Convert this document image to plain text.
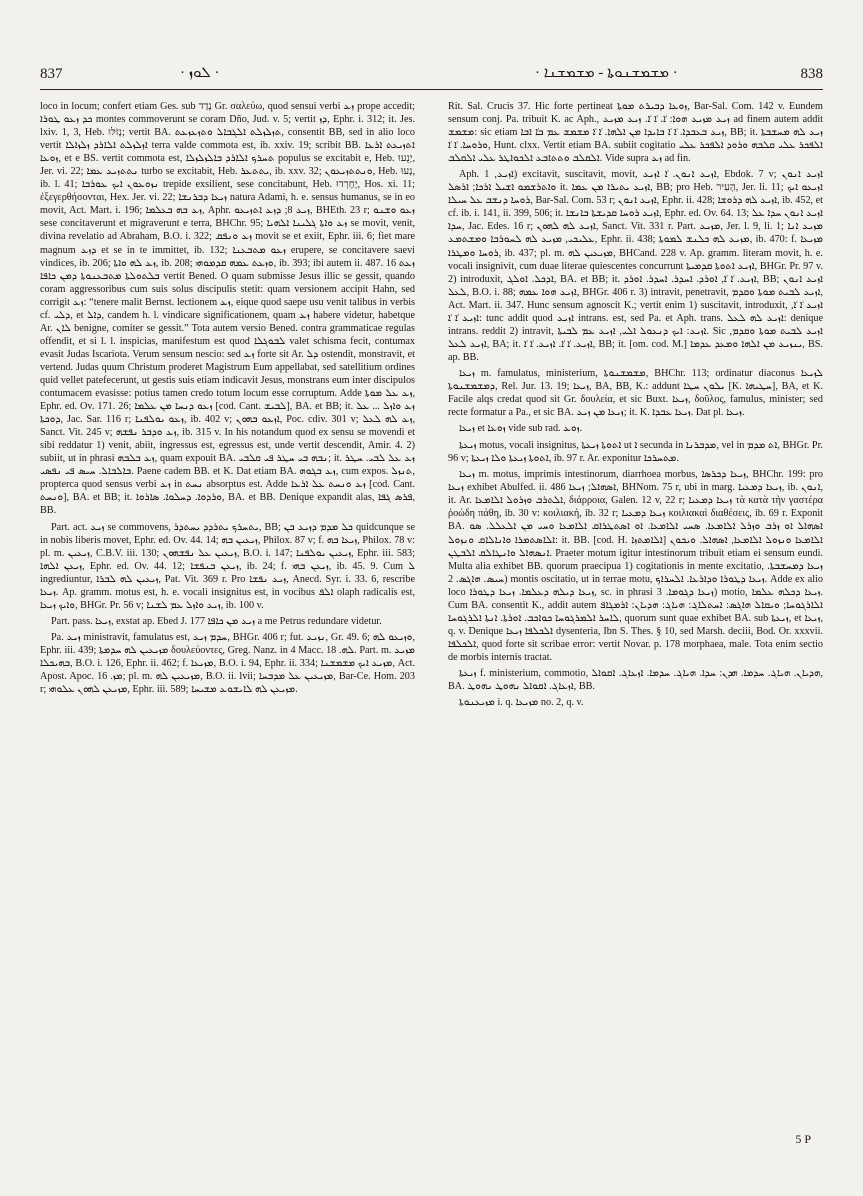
837	· ܠܘܙ ·	· ܡܫܡܫܢܘܬܐ - ܡܫܡܫܢܐ ·	838

loco in locum; confert etiam Ges. sub נָדַד Gr. σαλεύω, quod sensui verbi ܙܥ prope accedit; ܟܕ ܙܥܘ ܛܘܪܐ montes commoverunt se coram Dño, Jud. v. 5; vertit ܕܙ, Ephr. i. 312; it. Jes. lxiv. 1, 3, Heb. נָזֹלּוּ; vertit BA. ܬܙܠܙܠܬ ܐܠܓܒܐܠ ܘܬܙܥܙܥܬ, consentit BB, sed in alio loco vertit ܐܙܠܙܠܬ ܐܠܐܪܕ ܙܠܙܐܠܐ terra valde commota est, ib. xxiv. 19; scribit BB. ܐܬܙܝܥܬ ܐܪܥܐ ܙܘܥܐ, et e BS. vertit commota est, ܬܚܪܟ ܐܠܐܪܕ ܒܐܠܙܠܙܠܐ populus se excitabit e, Heb. יָנֻעוּ, Jer. vi. 22; ܢܬܬܙܝܥ ܥܡܐ turbo se excitabit, Heb. ܝܬܬܥܪ, ib. xxv. 32; ܘܢܬܬܙܝܥܘܢ, Heb. נָעוּ, ib. l. 41; ܢܙܘܥܘܢ ܐܝܟ ܥܘܪܒܐ trepide exsilient, sese concitabunt, Heb. יֶחֶרְדוּ, Hos. xi. 11; ἐξεγερθήσονται, Hex. Jer. vi. 22; ܙܝܥܐ ܕܒܪܢܫܐ natura Adami, h. e. sensus humanus, se in eo movit, Act. Mart. i. 196; ܙܥ ܒܗ ܒܥܠܡܐ, Aphr. ܙܝܥ 8; ܕܙܥ ܐܬܙܝܥܘ, BHEth. 23 r; ܙܥܘ ܘܫܢܘ sese concitaverunt et migraverunt e terra, BHChr. 95; ܙܥ ܘܐܬܐ ܓܠܝܢܐ ܐܠܗܝܐ se movit, venit, divina revelatio ad Abraham, B.O. i. 322; ܙܥ ܘܢܦܩ movit se et exiit, Ephr. iii. 6; fiet mare magnum ܕܙܥ et se in te immittet, ib. 132; ܙܥܘ ܡܬܒܥܢܐ erupere, se concitavere saevi vindices, ib. 206; ܙܥ ܠܗ ܘܐܬܐ, ib. 208; ܘܙܥܬ ܥܡܗ ܩܕܡܘܗܝ, ib. 393; ibi autem ii. 487. 16 ܙܥܬ ܒܠܬܘܠܬܐ ܡܬܒܥܢܘܬܐ ܕܡܢ ܟܐܦܐ vertit Bened. O quam submisse Jesus illic se gessit, quando coram aggressoribus cum suis solus discipulis stetit: quam versionem accipit Hahn, sed corrigit ܙܥ: “tenere malit Bernst. lectionem ܙܥ, eique quod saepe usu venit talibus in verbis cf. ܕܠܝ, et ܕܐܠ, candem h. l. vindicare significationem, quam ܙܥ habere videtur, habetque Ar. ܠܐܢ benigne, comiter se gessit.” Tota autem versio Bened. contra grammaticae regulas offendit, et si l. l. inspicias, manifestum est quod ܠܒܘܓܠܐ valet schisma fecit, contumax evasit Judas Iscariota. Verum sensum nescio: sed ܙܥ forte sit Ar. ܕܠ ostendit, monstravit, et vertend. Judas quum Christum proderet Magistrum Eum appellabat, sed satellitium ordines quid vellet patefecerunt, ut gestis suis etiam indicavit Jesus, monstrans eum inter discipulos contumacem evasisse: potius tamen credo totum locum esse corruptum. Adde ܙܥ ܥܠ ܡܘܬܐ, Ephr. ed. Ov. 171. 26; ܙܥܘ ܕܢܚܐ ܡܢ ܥܠܡܐ [cod. Cant. ܠܒܝܫ], BA. et BB; it. ܙܥ ܘܐܙܠ ... ܥܠ ܕܘܟܬܐ, Jac. Sar. 116 r; ܙܥܘ ܝܘܠܦܢܐ, ib. 402 v; ܐܙܥܘ ܒܗܘܢ, Poc. cdiv. 301 v; ܙܥ ܠܗ ܠܥܠ, Sanct. Vit. 245 v; ܙܥ ܘܕܒܪ ܢܦܫܗ, ib. 315 v. In his notandum quod ex sensu se movendi et sibi reddatur 1) venit, abiit, ingressus est, egressus est, unde vertit descendit, Amir. 4. 2) subiit, ut in phrasi ܙܥ ܒܠܒܗ, quam expouit BA. ܢܒܗ ܒܝ ܚܛܪ ܦܝ ܩܠܒܝ; it. ܙܥ ܥܠ ܠܒܝ. ܚܛܪ ܒܐܠܒܐܠ. ܚܝܣ ܦܝ ܢܦܣܝ. Paene cadem BB. et K. Dat etiam BA. ܙܥ ܒܓܘܗ, cum expos. ܬܢܙܠ, propterca quod sensus verbi ܙܥ in ܢܚܬ absorptus est. Adde ܙܥ ܘܢܚܬ ܥܠ ܐܪܥܐ [cod. Cant. ܘܢܚܬ], BA. et BB; it. ܘܪܕܘܐ. ܕܚܠܘܐ. ܣܐܪܘܐ, BA. et BB. Denique expandit alas, ܦܪܣ ܓܦܐ, BB.

Part. act. ܙܝܥ se commovens, ܝܬܚܪܟ ܝܬܪܕܕ ܝܚܬܕܪ, BB; ܟܠ ܡܕܡ ܕܙܝܥ ܒܢ quidcunque se in nobis liberis movet, Ephr. ed. Ov. 44. 14; ܙܝܥܝܢ ܒܗ, Philox. 87 v; f. ܙܝܥܐ ܒܗ, Philox. 78 v: pl. m. ܙܝܥܝܢ, C.B.V. iii. 130; ܙܝܥܝܢ ܥܠ ܢܦܫܗܘܢ, B.O. i. 147; ܙܝܥܝܢ ܝܘܠܦܢܐ, Ephr. iii. 583; ܙܝܥܢ ܐܠܗܐ, Ephr. ed. Ov. 44. 12; ܙܝܥܢ ܒܢܦܫܐ, ib. 24; f. ܙܝܥܢ ܒܗܝ, ib. 45. 9. Cum ܠ ingrediuntur, ܙܝܥܝܢ ܠܗ ܠܒܪܐ, Pat. Vit. 369 r. Pro ܙܝܥ ܢܦܫܐ, Anecd. Syr. i. 33. 6, rescribe ܙܝܥܐ. Ap. gramm. motus est, h. e. vocali insignitus est, in vocibus ܐܠܦ olaph radicalis est, ܘܐܝܟ ܙܝܥܐ, BHGr. Pr. 56 v; ܙܝܥ ܘܐܙܠ ܥܡ ܠܫܢܐ, ib. 100 v.

Part. pass. ܙܝܥܐ, exstat ap. Ebed J. 177 ܙܝܥ ܡܢ ܟܐܦܐ a me Petrus redundare videtur.

Pa. ܙܝܥ ministravit, famulatus est, ܚܕܡ ܙܝܥ, BHGr. 406 r; fut. ܢܙܝܥ, Gr. 49. 6; ܘܙܝܥܘ ܠܗ, Ephr. iii. 439; ܡܙܝܥܝܢ ܠܗ ܚܕܡܬܐ δουλεύοντες, Greg. Nanz. in 4 Macc. ܠܗ. 18. Part. m. ܡܙܝܥ ܒܗܝܟܠܐ, B.O. i. 126, Ephr. ii. 462; f. ܡܙܝܥܐ, B.O. i. 94, Ephr. ii. 334; ܡܙܝܥ ܐܝܟ ܡܫܡܫܢܐ, Act. Apost. Apoc. ܡܙ. 16; pl. m. ܡܙܝܥܝܢ ܠܗ, B.O. ii. lvii; ܡܙܝܥܝܢ ܥܠ ܡܕܒܚܐ, Bar-Ce. Hom. 203 r; ܡܙܝܥܢ ܠܗܘܢ ܥܠܘܗܝ, Ephr. iii. 589; ܡܙܝܥܢ ܠܗ ܠܐܝܫܘܥ ܡܫܝܚܐ.

Rit. Sal. Crucis 37. Hic forte pertineat ܙܘܥܐ ܕܒܝܪܬ ܡܘܬܐ, Bar-Sal. Com. 142 v. Eundem sensum conj. Pa. tribuit K. ac Aph., ܙܝܥ ܡܙܝܥ ܗܘܐ: ܐ݁. ܐ݁ ܐ݁. ܙܝܥ ܡܙܝܥ ad finem autem addit ܡܫܡܫ: sic etiam ܙܝܥ ܒܥܒܕܐ. ܐ݁ ܐ݁ ܒܐܝܕܐ ܡܢ ܐܠܗܐ. ܐ݁ ܐ݁ ܡܫܡܫ ܥܡ ܒܐ݁ ܐܒܐ, BB; it. ܙܝܥ ܠܗ ܡܚܫܒܬܐ ܘܪܘܚܐ. ܐ݁ ܐ݁, Hunt. clxx. Vertit etiam BA. subiit cogitatio ܐܠܦܟܪ ܥܠܝ ܩܠܒܗ ܘܪܘܕ ܐܠܦܟܪ ܥܠܝ ܐܠܩܠܒ ܘܬܬܐܒܥ ܐܠܟܘܐܛܪ ܥܠܝ ܐܠܩܠܒ. Vide supra ܙܥ ad fin.

Aph. ܐܙܝܥ, 1) excitavit, suscitavit, movit, ܐܙܝܥ ܐܢܘܢ. ܐ݁ ܐܙܝܥ, Ebdok. 7 v; ܐܙܝܥ ܐܢܘܢ ܘܐܬܪܫܡܘ ܐܫܝܠ ܐܪܟܐ; ܐܪܣܠ it. ܐܙܝܥ ܝܬܝܪܐ ܡܢ ܥܡܐ, BB; pro Heb. הָעִיר, Jer. li. 11; ܐܙܝܥܘ ܐܝܟ ܪܘܚܐ ܕܢܫܒ ܥܠ ܚܝܠܐ, Bar-Sal. Com. 53 r; ܐܙܝܥ ܐܢܘܢ, Ephr. ii. 428; ܐܙܝܥ ܠܗ ܕܪܘܫܐ, ib. 452, et cf. ib. i. 141, ii. 399, 506; it. ܐܙܝܥ ܪܘܚܐ ܩܕܝܫܬܐ ܒܐܢܫܐ, Ephr. ed. Ov. 64. 13; ܐܙܝܥ ܐܢܘܢ ܚܕܐ ܥܠ ܚܕܐ, Jac. Edes. 16 r; ܐܙܝܥ ܠܗ ܠܗܘܢ, Sanct. Vit. 331 r. Part. ܡܙܝܥ, Jer. l. 9, li. 1; ܡܙܝܥ ܐܢܐ ܥܠܝܟܝ, ܡܙܝܥ ܠܗ ܠܚܘܪܒܐ ܘܡܫܬܡܥ, Ephr. ii. 438; ܡܙܝܥ ܠܗ ܟܠܢܫ ܠܡܘܬܐ, ib. 470: f. ܡܙܝܥܐ ܪܘܚܐ ܘܡܛܪܐ, ib. 437; pl. m. ܡܙܝܥܝܢ ܠܗ, BHCand. 228 v. Ap. gramm. literam movit, h. e. vocali insignivit, cum duae literae quiescentes concurrunt ܐܙܝܥ ܐܬܘܬܐ ܩܕܡܝܬܐ, BHGr. Pr. 97 v. 2) introduxit, ܐܕܟܠ. ܐܘܠܓ, BA. et BB; it. ܐܙܝܥ. ܐ݁ ܐ݁, ܐܘܪܕ. ܐܚܕܪ. ܐܚܕܪ. ܐܘܪܕ, BB; ܐܙܝܥ ܐܢܘܢ ܠܥܠ, B.O. i. 88; ܐܙܝܥ ܗܘܐ ܥܡܗ, BHGr. 406 r. 3) intravit, penetravit, ܐܙܝܥ ܠܒܝܬ ܡܘܬܐ ܘܩܕܡ, Act. Mart. ii. 347. Hunc sensum agnoscit K.; vertit enim 1) suscitavit, introduxit, ܐܙܝܥ ܐ݁ ܐ݁, ܐܙܝܥ ܐ݁ ܐ݁: tunc addit quod ܐܙܝܥ intrans. est, sed Pa. et Aph. trans. ܐܙܝܥ ܠܗ ܠܥܠ: denique intrans. reddit 2) intravit, ܐܙܝܥ: ܐܝܟ ܕܢܥܘܠ ܐܠܝ, ܐܙܝܥ ܥܡ ܠܒܝܬܐ. Sic ܐܙܝܥ ܠܒܝܬ ܡܘܬܐ ܘܩܕܡ, ܐܙܝܥ ܠܥܠ, BA; it. ܐܙܝܥ. ܐ݁ ܐ݁. ܐܙܝܥ. ܐ݁ ܐ݁, BB; it. [om. cod. M.] ܝܢܙܝܥ ܡܢ ܐܠܗܐ ܘܡܥܕ ܥܕܡܐ, BS. ap. BB.

ܙܝܥܐ m. famulatus, ministerium, ܡܫܡܫܢܘܬܐ, BHChr. 113; ordinatur diaconus ܠܙܝܥܐ ܕܡܫܡܫܢܘܬܐ, Rel. Jur. 13. 19; ܙܝܥܐ, BA, BB, K.: addunt ܝܠܘܢ ܚܛܐ [K. ܚܛܝܗܐ], BA, et K. Facile alqs credat quod sit Gr. δουλεία, et sic Buxt. ܙܝܥܐ, δοῦλος, famulus, minister; sed recte formatur a Pa., et sic BA. ܙܝܥܐ ܡܢ ܙܝܥ; it. K. ܙܝܥܐ ܥܒܕܐ. Dat pl. ܙܝܥܐ.

ܙܝܥܐ et ܙܘܥܐ vide sub rad. ܙܘܥ.

ܙܝܥܬܐ motus, vocali insignitus, ܐܬܘܬܐ ܙܝܥܬܐ ut ܐ secunda in ܡܕܒܪܢܐ, vel in ܐܬ ܡܕܡ, BHGr. Pr. 96 v; ܐܬܘܬܐ ܙܝܥܬܐ ܘܠܐ ܙܝܥܬܐ, ib. 97 r. Ar. exponitur ܡܬܚܪܟܐ.

ܙܝܥܐ m. motus, imprimis intestinorum, diarrhoea morbus, ܙܝܥܐ ܕܟܪܣܐ, BHChr. 199: pro ܙܝܥܐ exhibet Abulfed. ii. 486 ܐܣܗܐܠ; ܙܝܥܐ, BHNom. 75 r, ubi in marg. ܙܝܥܐ ܕܡܥܝܐ, ib. ܐܢܘܢ, it. Ar. ܐܠܬܪܒ ܘܙܪܘܠ ܐܠܐܡܥܐ, διάρροια, Galen. 12 v, 22 r; ܙܝܥܐ ܕܡܥܝܐ τὰ κατὰ τὴν γαστέρα ῥοώδη πάθη, ib. 30 v: κοιλιακή, ib. 32 r; ܙܝܥܐ ܕܡܥܝܐ κοιλιακαὶ διαθέσεις, ib. 69 r. Exponit BA. ܐܣܗܐܠ ܐܘ ܙܪܒ ܘܙܪܠ ܐܠܐܡܥܐ. ܣܚܝ ܐܠܐܡܥܐ. ܐܘ ܐܣܬܛܪܐܩ ܐܠܐܡܥܐ ܘܚܝ ܡܢ ܐܠܥܠܠ. ܣܘ ܐܠܐܣܬܡܪܐ ܘܐܢܐܠܐܩ ܘܢܙܘܠ: it. BB. [cod. H. ܐܠܐܡܬܙܐ] ܐܠܐܡܥܐ ܘܢܙܘܠ ܐܠܐܡܥܐ, ܐܣܗܐܠ. ܘܝܟܘܢ ܐܢܣܗܐܠ ܘܐܢܛܐܠܩ ܐܠܒܛܢ. Praeter motum igitur intestinorum tribuit etiam ei sensum eundi. Multa alia exhibet BB. quorum praecipua 1) cogitationis in mente excitatio, ܙܝܥܐ ܕܡܚܫܒܬܐ. ܚܝܣ. ܗܐܓܣ. 2) montis oscitatio, ut in terrae motu, ܙܝܥܐ ܕܛܘܪܐ ܘܕܐܪܥܐ. ܐܠܚܪܐܟ. Adde ex alio loco ܙܝܥܐ ܕܝܠܗ ܕܥܠܡܐ. ܙܝܥܐ ܕܛܘܪܐ, sc. in phrasi ܙܝܥܐ ܕܓܘܡܐ. 3) motio, ܙܝܥܐ ܕܟܠܗ ܥܠܡܐ. Cum BA. consentit K., addit autem ܐܠܐܪܓܘܚܐ; ܘܝܩܐܠ ܗܐܓܣ: ܐܚܬܠܐܓ: ܗܝܐܓ: ܗܕܝܐܢ: ܐܪܡܓܐܦ ܠܐܚܪ ܐܠܡܪܓܘܚܐ ܟܘܐܟܒ. ܐܘܪܬܐ. ܐܢܬܐ ܐܠܪܓܘܚܐ, quorum sunt quae exhibet BA. sub ܙܝܥܬܐ, et ܙܝܥܐ, q. v. Denique ܐܠܟܠܦܐ ܙܝܥܐ dysenteria, Ibn S. Thes. § 10, sed Marsh. deciii, Bod. Or. xxxvii. ܐܠܟܠܦܐ, quod forte sit scribae error: vertit Novar. p. 178 morphaea, male. Tota enim sectio de morbis internis tractat.

ܙܝܥܬܐ f. ministerium, commotio, ܗܕܝܐܢ. ܗܝܐܓ. ܚܕܡܐ. ܗܕܢ: ܚܕܐ. ܗܝܐܓ. ܚܕܡܐ. ܐܙܥܐܓ. ܐܩܘܐܠ, BA. ܐܙܥܐܓ. ܐܩܘܐܠ ܢܗܘܛ ܢܗܘܛ, BB.

ܡܙܝܥܢܘܬܐ i. q. ܡܙܝܥܐ no. 2, q. v.

5 P
